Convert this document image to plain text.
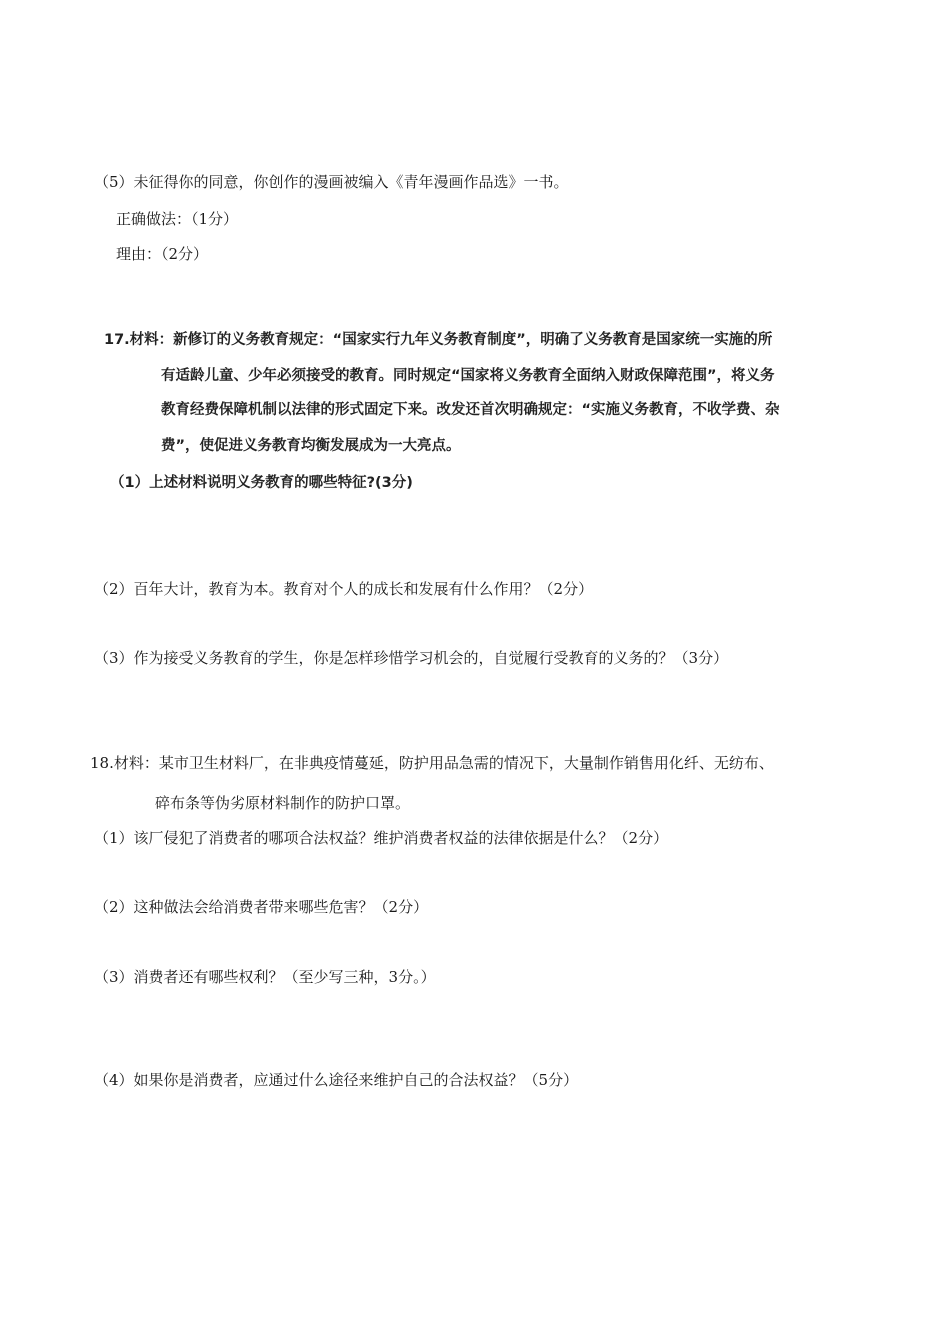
（5）未征得你的同意，你创作的漫画被编入《青年漫画作品选》一书。
正确做法：（1分）
理由：（2分）
17.材料：新修订的义务教育规定：“国家实行九年义务教育制度”，明确了义务教育是国家统一实施的所
有适龄儿童、少年必须接受的教育。同时规定“国家将义务教育全面纳入财政保障范围”，将义务
教育经费保障机制以法律的形式固定下来。改发还首次明确规定：“实施义务教育，不收学费、杂
费”，使促进义务教育均衡发展成为一大亮点。
（1）上述材料说明义务教育的哪些特征?(3分)
（2）百年大计，教育为本。教育对个人的成长和发展有什么作用？（2分）
（3）作为接受义务教育的学生，你是怎样珍惜学习机会的，自觉履行受教育的义务的？（3分）
18.材料：某市卫生材料厂，在非典疫情蔓延，防护用品急需的情况下，大量制作销售用化纤、无纺布、
碎布条等伪劣原材料制作的防护口罩。
（1）该厂侵犯了消费者的哪项合法权益？维护消费者权益的法律依据是什么？（2分）
（2）这种做法会给消费者带来哪些危害？（2分）
（3）消费者还有哪些权利？（至少写三种，3分。）
（4）如果你是消费者，应通过什么途径来维护自己的合法权益？（5分）
